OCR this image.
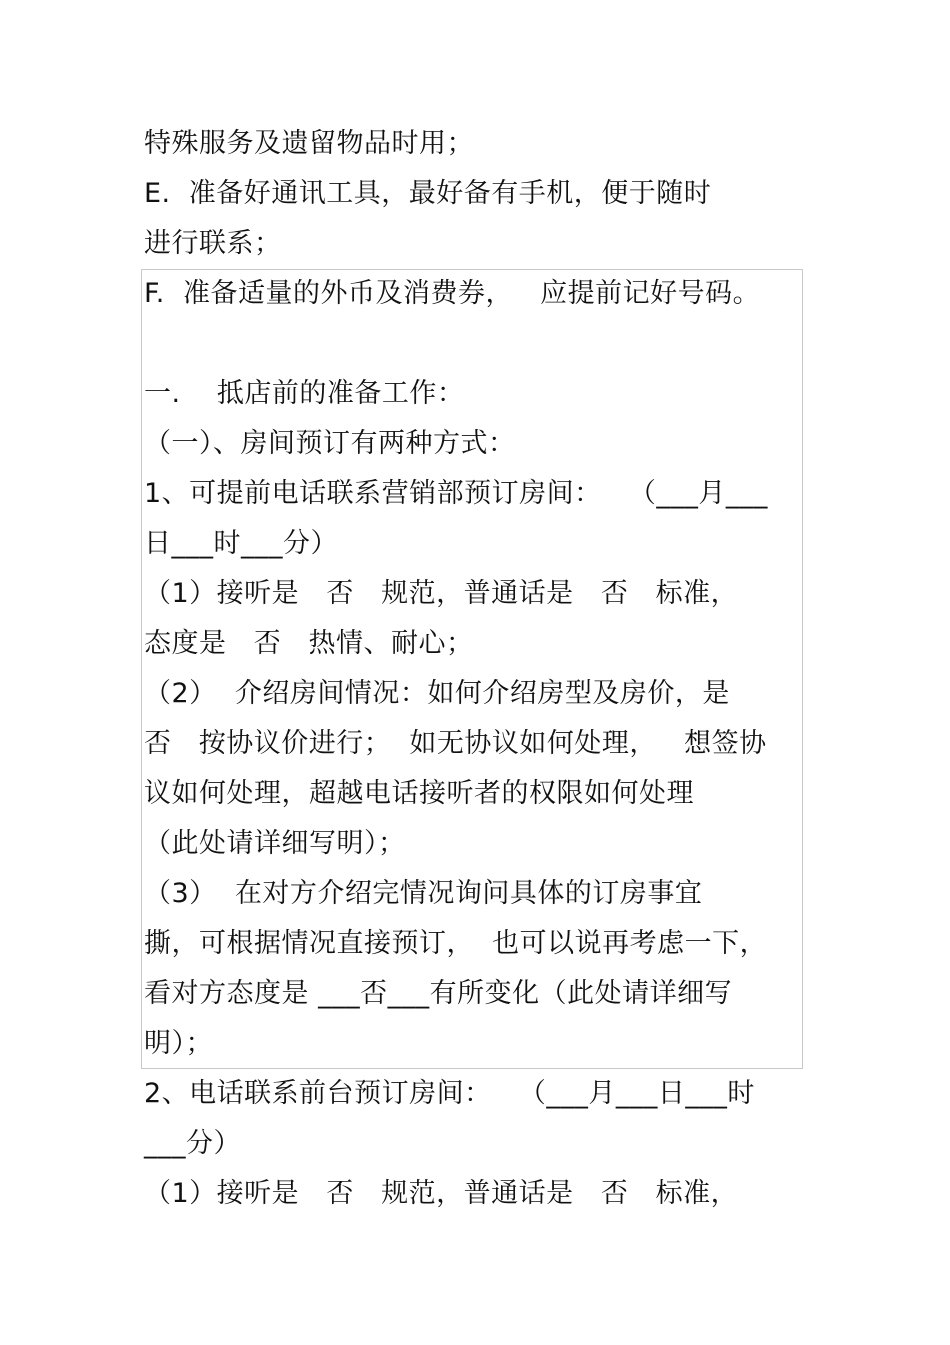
特殊服务及遗留物品时用；
E.  准备好通讯工具，最好备有手机，便于随时
进行联系；
F.  准备适量的外币及消费券，   应提前记好号码。
一.    抵店前的准备工作：
（一）、房间预订有两种方式：
1、可提前电话联系营销部预订房间：   （___月___
日___时___分）
（1）接听是   否   规范，普通话是   否   标准，
态度是   否   热情、耐心；
（2）  介绍房间情况：如何介绍房型及房价，是
否   按协议价进行；  如无协议如何处理，   想签协
议如何处理，超越电话接听者的权限如何处理
（此处请详细写明）；
（3）  在对方介绍完情况询问具体的订房事宜
撕，可根据情况直接预订，  也可以说再考虑一下，
看对方态度是 ___否___有所变化（此处请详细写
明）；
2、电话联系前台预订房间：   （___月___日___时
___分）
（1）接听是   否   规范，普通话是   否   标准，
